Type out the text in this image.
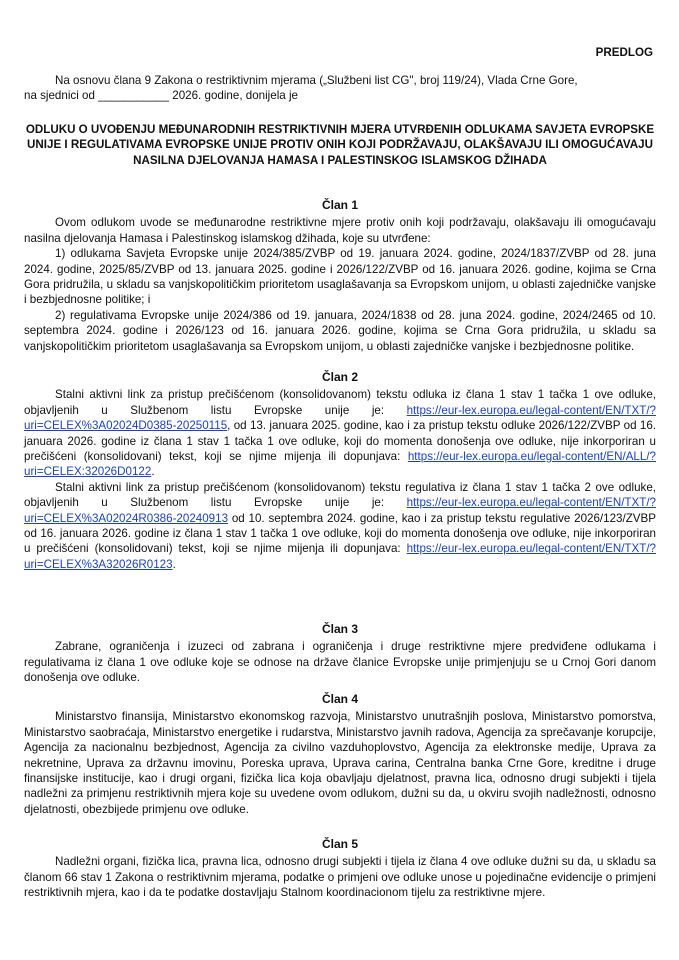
PREDLOG

Na osnovu člana 9 Zakona o restriktivnim mjerama („Službeni list CG", broj 119/24), Vlada Crne Gore,

na sjednici od ___________ 2026. godine, donijela je

ODLUKU O UVOĐENJU MEĐUNARODNIH RESTRIKTIVNIH MJERA UTVRĐENIH ODLUKAMA SAVJETA EVROPSKE UNIJE I REGULATIVAMA EVROPSKE UNIJE PROTIV ONIH KOJI PODRŽAVAJU, OLAKŠAVAJU ILI OMOGUĆAVAJU NASILNA DJELOVANJA HAMASA I PALESTINSKOG ISLAMSKOG DŽIHADA
Član 1

Ovom odlukom uvode se međunarodne restriktivne mjere protiv onih koji podržavaju, olakšavaju ili omogućavaju nasilna djelovanja Hamasa i Palestinskog islamskog džihada, koje su utvrđene:

1) odlukama Savjeta Evropske unije 2024/385/ZVBP od 19. januara 2024. godine, 2024/1837/ZVBP od 28. juna 2024. godine, 2025/85/ZVBP od 13. januara 2025. godine i 2026/122/ZVBP od 16. januara 2026. godine, kojima se Crna Gora pridružila, u skladu sa vanjskopolitičkim prioritetom usaglašavanja sa Evropskom unijom, u oblasti zajedničke vanjske i bezbjednosne politike; i

2) regulativama Evropske unije 2024/386 od 19. januara, 2024/1838 od 28. juna 2024. godine, 2024/2465 od 10. septembra 2024. godine i 2026/123 od 16. januara 2026. godine, kojima se Crna Gora pridružila, u skladu sa vanjskopolitičkim prioritetom usaglašavanja sa Evropskom unijom, u oblasti zajedničke vanjske i bezbjednosne politike.

Član 2

Stalni aktivni link za pristup prečišćenom (konsolidovanom) tekstu odluka iz člana 1 stav 1 tačka 1 ove odluke, objavljenih u Službenom listu Evropske unije je: https://eur-lex.europa.eu/legal-content/EN/TXT/?uri=CELEX%3A02024D0385-20250115, od 13. januara 2025. godine, kao i za pristup tekstu odluke 2026/122/ZVBP od 16. januara 2026. godine iz člana 1 stav 1 tačka 1 ove odluke, koji do momenta donošenja ove odluke, nije inkorporiran u prečišćeni (konsolidovani) tekst, koji se njime mijenja ili dopunjava: https://eur-lex.europa.eu/legal-content/EN/ALL/?uri=CELEX:32026D0122.

Stalni aktivni link za pristup prečišćenom (konsolidovanom) tekstu regulativa iz člana 1 stav 1 tačka 2 ove odluke, objavljenih u Službenom listu Evropske unije je: https://eur-lex.europa.eu/legal-content/EN/TXT/?uri=CELEX%3A02024R0386-20240913 od 10. septembra 2024. godine, kao i za pristup tekstu regulative 2026/123/ZVBP od 16. januara 2026. godine iz člana 1 stav 1 tačka 1 ove odluke, koji do momenta donošenja ove odluke, nije inkorporiran u prečišćeni (konsolidovani) tekst, koji se njime mijenja ili dopunjava: https://eur-lex.europa.eu/legal-content/EN/TXT/?uri=CELEX%3A32026R0123.

Član 3

Zabrane, ograničenja i izuzeci od zabrana i ograničenja i druge restriktivne mjere predviđene odlukama i regulativama iz člana 1 ove odluke koje se odnose na države članice Evropske unije primjenjuju se u Crnoj Gori danom donošenja ove odluke.

Član 4

Ministarstvo finansija, Ministarstvo ekonomskog razvoja, Ministarstvo unutrašnjih poslova, Ministarstvo pomorstva, Ministarstvo saobraćaja, Ministarstvo energetike i rudarstva, Ministarstvo javnih radova, Agencija za sprečavanje korupcije, Agencija za nacionalnu bezbjednost, Agencija za civilno vazduhoplovstvo, Agencija za elektronske medije, Uprava za nekretnine, Uprava za državnu imovinu, Poreska uprava, Uprava carina, Centralna banka Crne Gore, kreditne i druge finansijske institucije, kao i drugi organi, fizička lica koja obavljaju djelatnost, pravna lica, odnosno drugi subjekti i tijela nadležni za primjenu restriktivnih mjera koje su uvedene ovom odlukom, dužni su da, u okviru svojih nadležnosti, odnosno djelatnosti, obezbijede primjenu ove odluke.

Član 5

Nadležni organi, fizička lica, pravna lica, odnosno drugi subjekti i tijela iz člana 4 ove odluke dužni su da, u skladu sa članom 66 stav 1 Zakona o restriktivnim mjerama, podatke o primjeni ove odluke unose u pojedinačne evidencije o primjeni restriktivnih mjera, kao i da te podatke dostavljaju Stalnom koordinacionom tijelu za restriktivne mjere.
